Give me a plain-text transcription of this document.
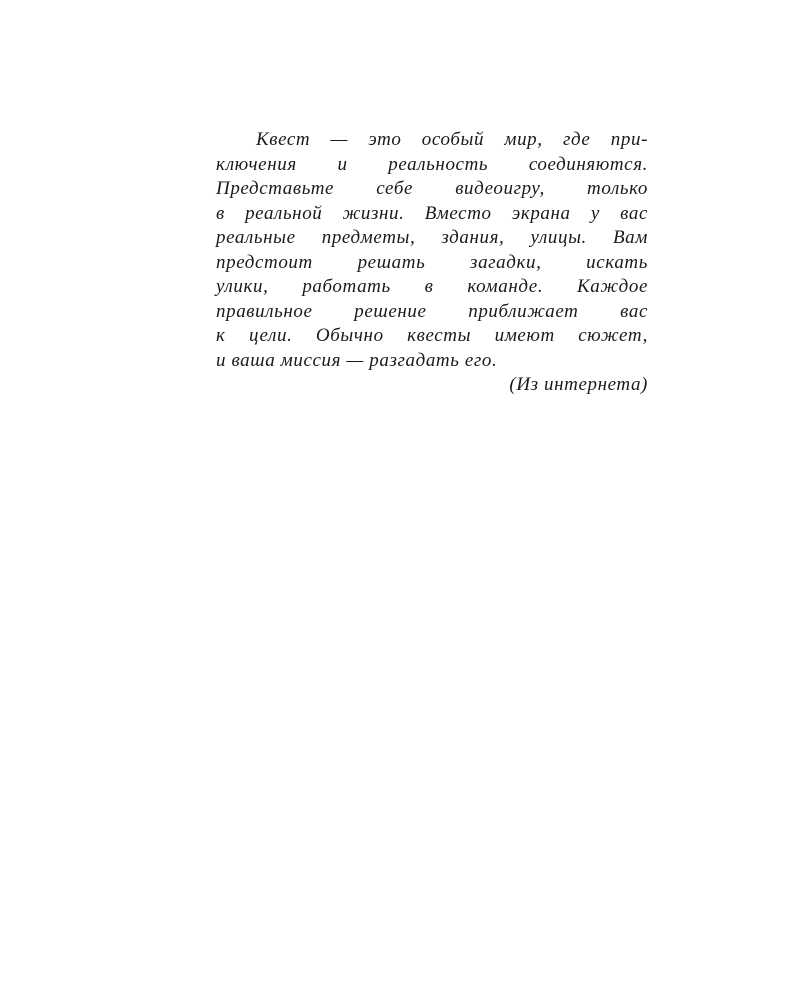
Квест — это особый мир, где при-
ключения и реальность соединяются.
Представьте себе видеоигру, только
в реальной жизни. Вместо экрана у вас
реальные предметы, здания, улицы. Вам
предстоит решать загадки, искать
улики, работать в команде. Каждое
правильное решение приближает вас
к цели. Обычно квесты имеют сюжет,
и ваша миссия — разгадать его.
(Из интернета)
